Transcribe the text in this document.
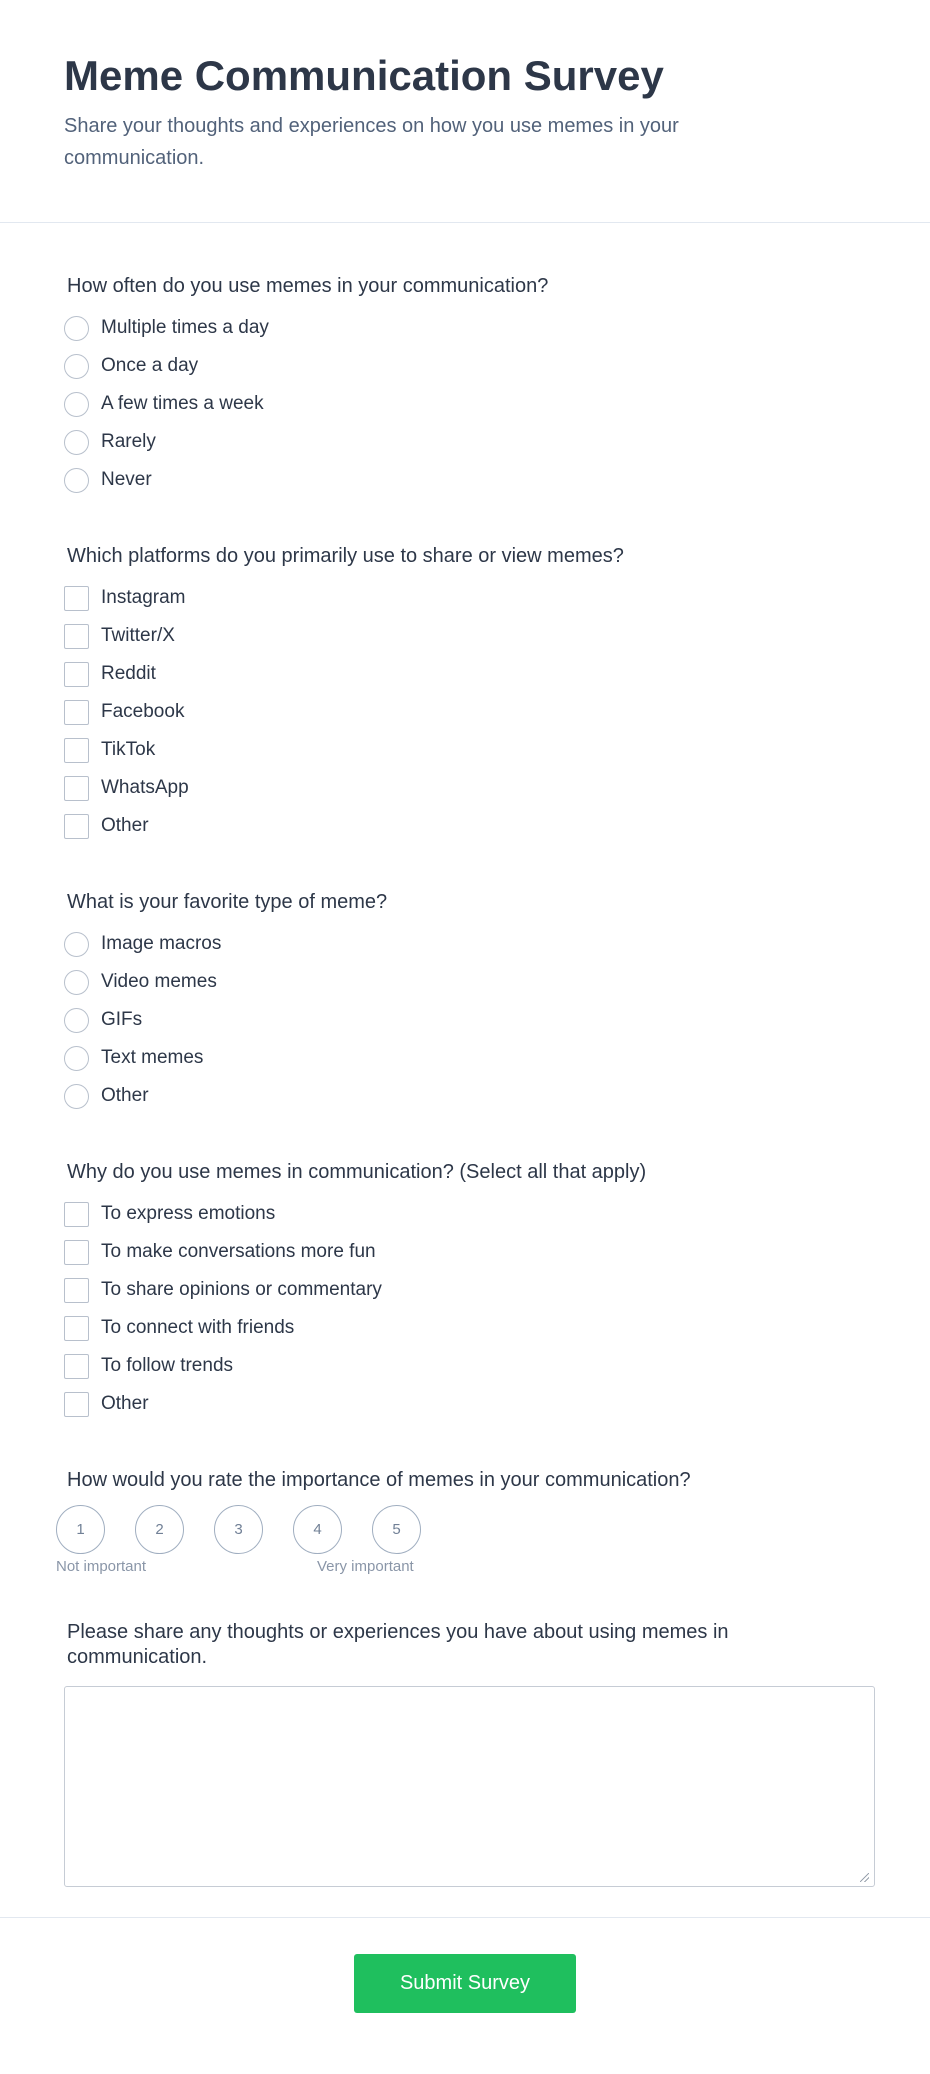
Meme Communication Survey

Share your thoughts and experiences on how you use memes in your communication.

How often do you use memes in your communication?
Multiple times a day
Once a day
A few times a week
Rarely
Never
Which platforms do you primarily use to share or view memes?
Instagram
Twitter/X
Reddit
Facebook
TikTok
WhatsApp
Other
What is your favorite type of meme?
Image macros
Video memes
GIFs
Text memes
Other
Why do you use memes in communication? (Select all that apply)
To express emotions
To make conversations more fun
To share opinions or commentary
To connect with friends
To follow trends
Other
How would you rate the importance of memes in your communication?
1	2	3	4	5
Not important	Very important
Please share any thoughts or experiences you have about using memes in communication.
Submit Survey
